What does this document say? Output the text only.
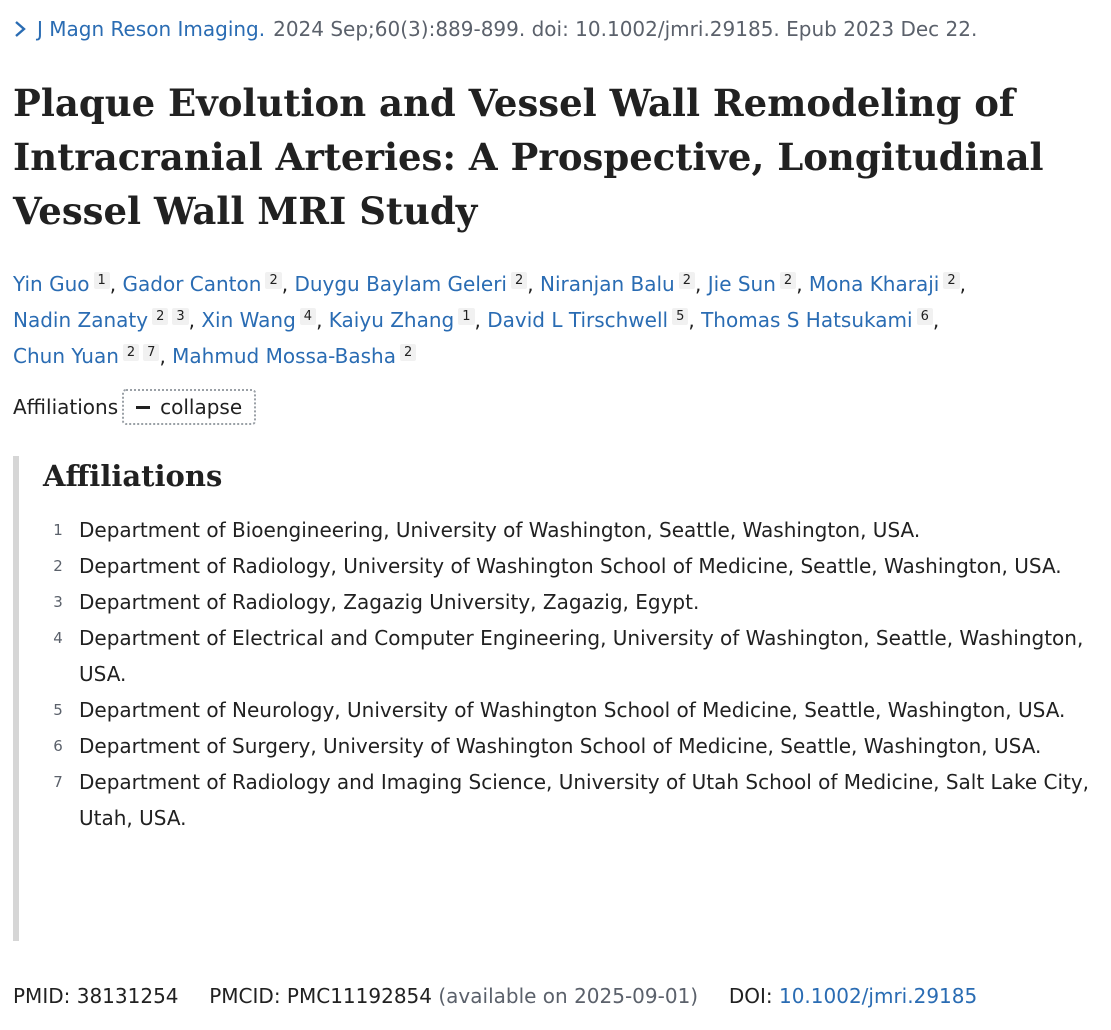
J Magn Reson Imaging. 2024 Sep;60(3):889-899. doi: 10.1002/jmri.29185. Epub 2023 Dec 22.
Plaque Evolution and Vessel Wall Remodeling of Intracranial Arteries: A Prospective, Longitudinal Vessel Wall MRI Study
Yin Guo 1 , Gador Canton 2 , Duygu Baylam Geleri 2 , Niranjan Balu 2 , Jie Sun 2 , Mona Kharaji 2 , Nadin Zanaty 2 3 , Xin Wang 4 , Kaiyu Zhang 1 , David L Tirschwell 5 , Thomas S Hatsukami 6 , Chun Yuan 2 7 , Mahmud Mossa-Basha 2
Affiliations collapse
Affiliations
1 Department of Bioengineering, University of Washington, Seattle, Washington, USA.
2 Department of Radiology, University of Washington School of Medicine, Seattle, Washington, USA.
3 Department of Radiology, Zagazig University, Zagazig, Egypt.
4 Department of Electrical and Computer Engineering, University of Washington, Seattle, Washington, USA.
5 Department of Neurology, University of Washington School of Medicine, Seattle, Washington, USA.
6 Department of Surgery, University of Washington School of Medicine, Seattle, Washington, USA.
7 Department of Radiology and Imaging Science, University of Utah School of Medicine, Salt Lake City, Utah, USA.
PMID: 38131254 PMCID: PMC11192854 (available on 2025-09-01) DOI: 10.1002/jmri.29185
